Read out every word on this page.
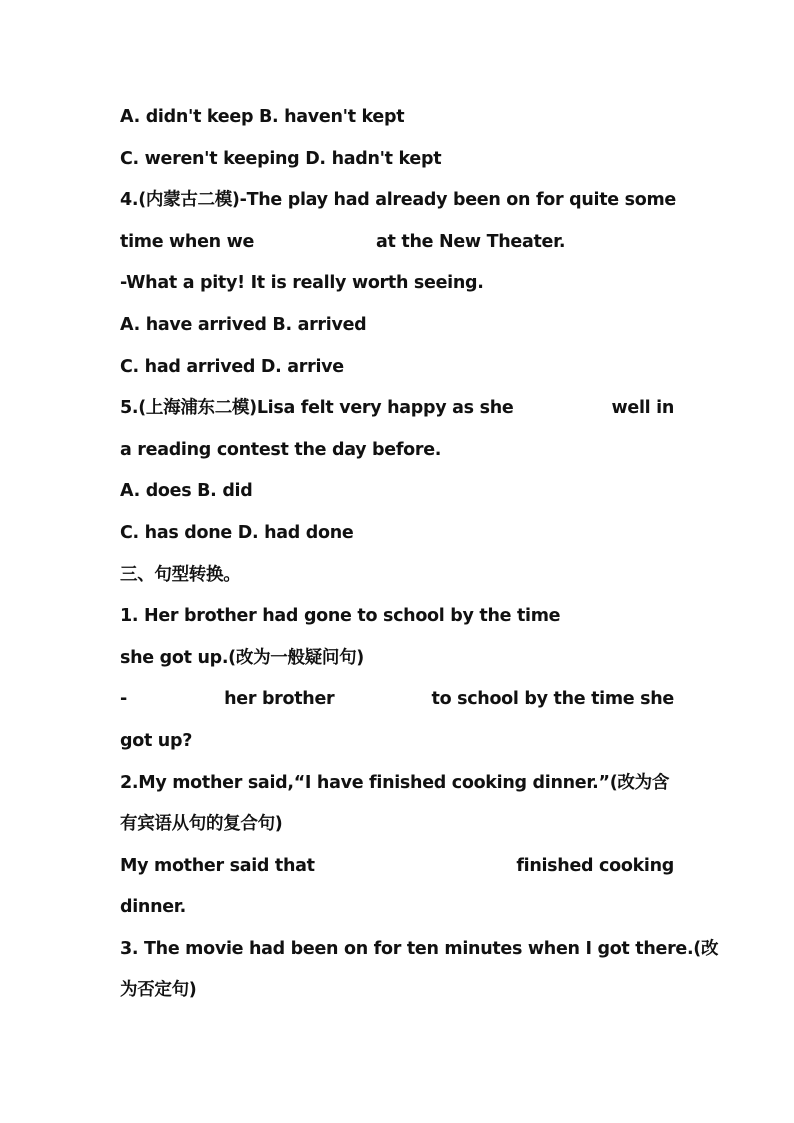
A. didn't keep B. haven't kept
C. weren't keeping D. hadn't kept
4.(内蒙古二模)-The play had already been on for quite some
time when we	at the New Theater.
-What a pity! It is really worth seeing.
A. have arrived B. arrived
C. had arrived D. arrive
5.(上海浦东二模)Lisa felt very happy as she	well in
a reading contest the day before.
A. does B. did
C. has done D. had done
三、句型转换。
1. Her brother had gone to school by the time
she got up.(改为一般疑问句)
-	her brother	to school by the time she
got up?
2.My mother said,“I have finished cooking dinner.”(改为含
有宾语从句的复合句)
My mother said that	finished cooking
dinner.
3. The movie had been on for ten minutes when I got there.(改
为否定句)
